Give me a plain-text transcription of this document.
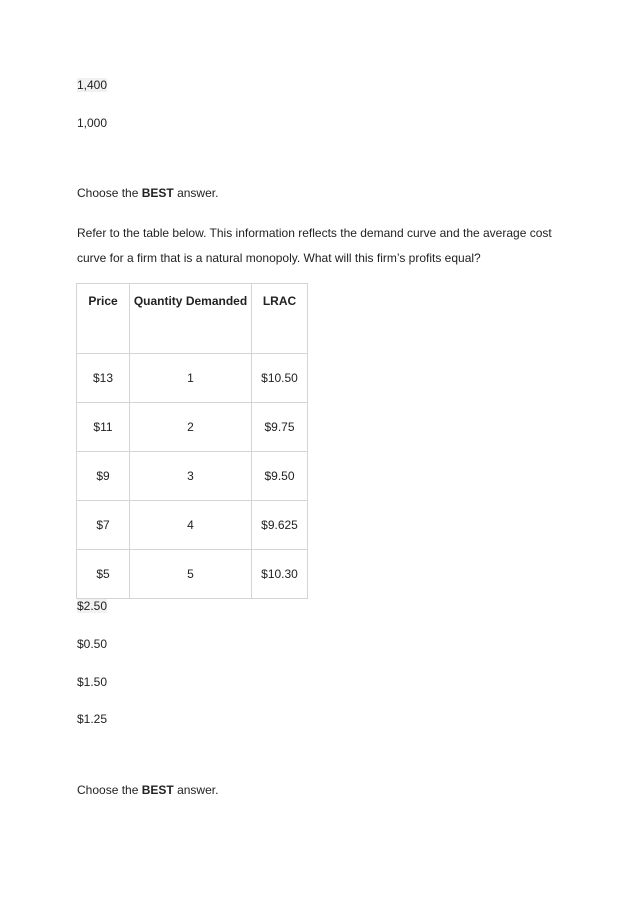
1,400

1,000

Choose the BEST answer.

Refer to the table below. This information reflects the demand curve and the average cost curve for a firm that is a natural monopoly. What will this firm’s profits equal?

Price	Quantity Demanded	LRAC
$13	1	$10.50
$11	2	$9.75
$9	3	$9.50
$7	4	$9.625
$5	5	$10.30

$2.50

$0.50

$1.50

$1.25

Choose the BEST answer.
